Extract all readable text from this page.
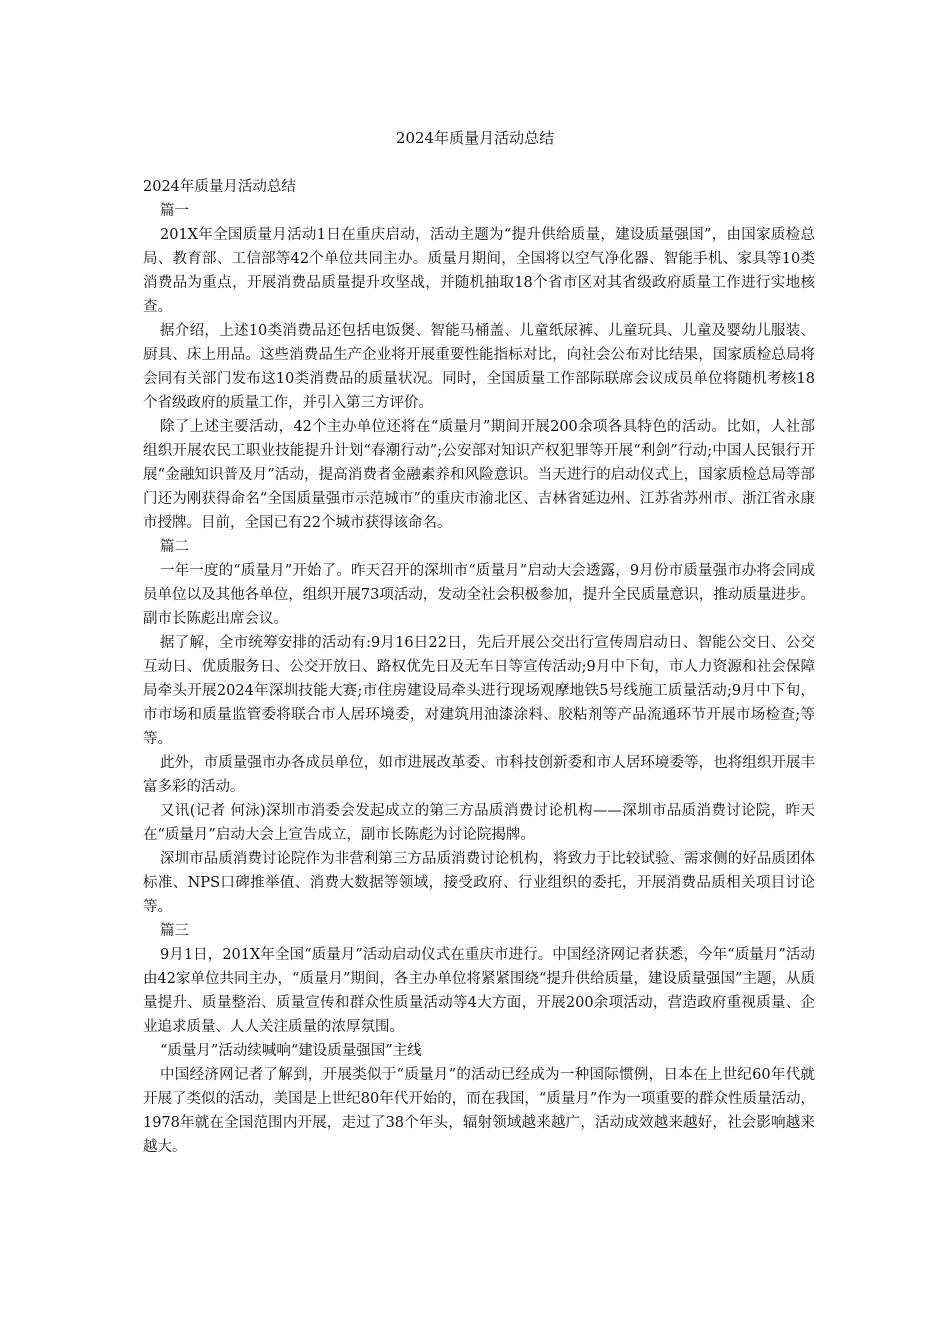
2024年质量月活动总结

2024年质量月活动总结

篇一

201X年全国质量月活动1日在重庆启动，活动主题为“提升供给质量，建设质量强国”，由国家质检总局、教育部、工信部等42个单位共同主办。质量月期间，全国将以空气净化器、智能手机、家具等10类消费品为重点，开展消费品质量提升攻坚战，并随机抽取18个省市区对其省级政府质量工作进行实地核查。

据介绍，上述10类消费品还包括电饭煲、智能马桶盖、儿童纸尿裤、儿童玩具、儿童及婴幼儿服装、厨具、床上用品。这些消费品生产企业将开展重要性能指标对比，向社会公布对比结果，国家质检总局将会同有关部门发布这10类消费品的质量状况。同时，全国质量工作部际联席会议成员单位将随机考核18个省级政府的质量工作，并引入第三方评价。

除了上述主要活动，42个主办单位还将在“质量月”期间开展200余项各具特色的活动。比如，人社部组织开展农民工职业技能提升计划“春潮行动”;公安部对知识产权犯罪等开展“利剑”行动;中国人民银行开展“金融知识普及月”活动，提高消费者金融素养和风险意识。当天进行的启动仪式上，国家质检总局等部门还为刚获得命名“全国质量强市示范城市”的重庆市渝北区、吉林省延边州、江苏省苏州市、浙江省永康市授牌。目前，全国已有22个城市获得该命名。

篇二

一年一度的“质量月”开始了。昨天召开的深圳市“质量月”启动大会透露，9月份市质量强市办将会同成员单位以及其他各单位，组织开展73项活动，发动全社会积极参加，提升全民质量意识，推动质量进步。副市长陈彪出席会议。

据了解，全市统筹安排的活动有:9月16日22日，先后开展公交出行宣传周启动日、智能公交日、公交互动日、优质服务日、公交开放日、路权优先日及无车日等宣传活动;9月中下旬，市人力资源和社会保障局牵头开展2024年深圳技能大赛;市住房建设局牵头进行现场观摩地铁5号线施工质量活动;9月中下旬，市市场和质量监管委将联合市人居环境委，对建筑用油漆涂料、胶粘剂等产品流通环节开展市场检查;等等。

此外，市质量强市办各成员单位，如市进展改革委、市科技创新委和市人居环境委等，也将组织开展丰富多彩的活动。

又讯(记者 何泳)深圳市消委会发起成立的第三方品质消费讨论机构——深圳市品质消费讨论院，昨天在“质量月”启动大会上宣告成立，副市长陈彪为讨论院揭牌。

深圳市品质消费讨论院作为非营利第三方品质消费讨论机构，将致力于比较试验、需求侧的好品质团体标准、NPS口碑推举值、消费大数据等领域，接受政府、行业组织的委托，开展消费品质相关项目讨论等。

篇三

9月1日，201X年全国“质量月”活动启动仪式在重庆市进行。中国经济网记者获悉，今年“质量月”活动由42家单位共同主办，“质量月”期间，各主办单位将紧紧围绕“提升供给质量，建设质量强国”主题，从质量提升、质量整治、质量宣传和群众性质量活动等4大方面，开展200余项活动，营造政府重视质量、企业追求质量、人人关注质量的浓厚氛围。

“质量月”活动续喊响“建设质量强国”主线

中国经济网记者了解到，开展类似于“质量月”的活动已经成为一种国际惯例，日本在上世纪60年代就开展了类似的活动，美国是上世纪80年代开始的，而在我国，“质量月”作为一项重要的群众性质量活动，1978年就在全国范围内开展，走过了38个年头，辐射领域越来越广，活动成效越来越好，社会影响越来越大。
